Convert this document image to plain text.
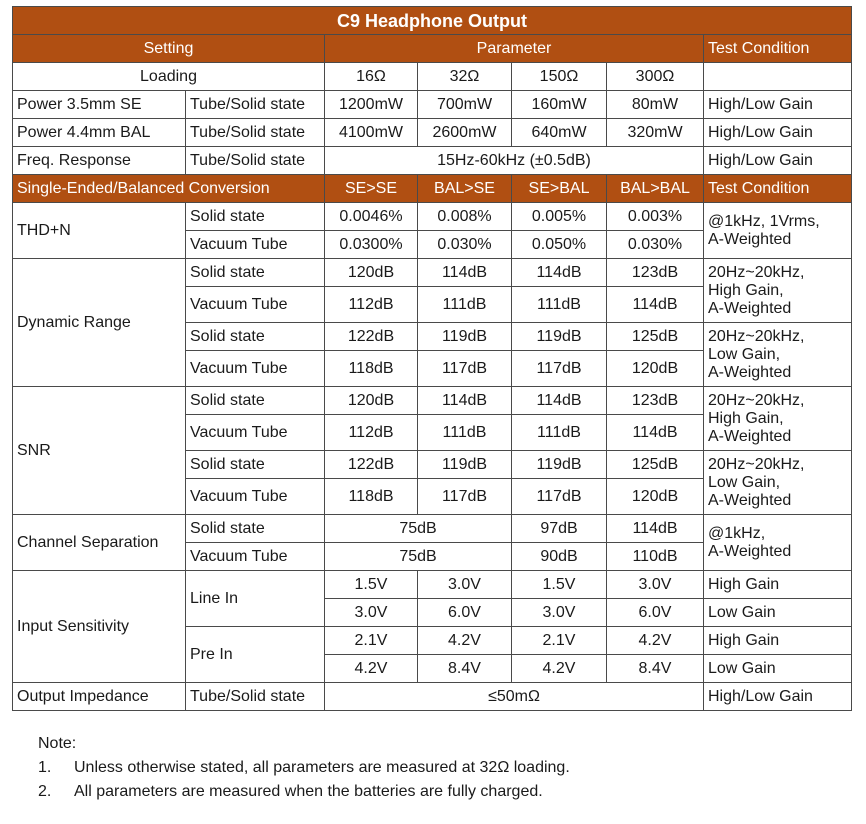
C9 Headphone Output						
Setting		Parameter				Test Condition
Loading		16Ω	32Ω	150Ω	300Ω	
Power 3.5mm SE	Tube/Solid state	1200mW	700mW	160mW	80mW	High/Low Gain
Power 4.4mm BAL	Tube/Solid state	4100mW	2600mW	640mW	320mW	High/Low Gain
Freq. Response	Tube/Solid state	15Hz-60kHz (±0.5dB)				High/Low Gain
Single-Ended/Balanced Conversion		SE>SE	BAL>SE	SE>BAL	BAL>BAL	Test Condition
THD+N	Solid state	0.0046%	0.008%	0.005%	0.003%	@1kHz, 1Vrms,
A-Weighted
	Vacuum Tube	0.0300%	0.030%	0.050%	0.030%	
Dynamic Range	Solid state	120dB	114dB	114dB	123dB	20Hz~20kHz,
High Gain,
A-Weighted
	Vacuum Tube	112dB	111dB	111dB	114dB	
	Solid state	122dB	119dB	119dB	125dB	20Hz~20kHz,
Low Gain,
A-Weighted
	Vacuum Tube	118dB	117dB	117dB	120dB	
SNR	Solid state	120dB	114dB	114dB	123dB	20Hz~20kHz,
High Gain,
A-Weighted
	Vacuum Tube	112dB	111dB	111dB	114dB	
	Solid state	122dB	119dB	119dB	125dB	20Hz~20kHz,
Low Gain,
A-Weighted
	Vacuum Tube	118dB	117dB	117dB	120dB	
Channel Separation	Solid state	75dB		97dB	114dB	@1kHz,
A-Weighted
	Vacuum Tube	75dB		90dB	110dB	
Input Sensitivity	Line In	1.5V	3.0V	1.5V	3.0V	High Gain
		3.0V	6.0V	3.0V	6.0V	Low Gain
	Pre In	2.1V	4.2V	2.1V	4.2V	High Gain
		4.2V	8.4V	4.2V	8.4V	Low Gain
Output Impedance	Tube/Solid state	≤50mΩ				High/Low Gain
Note:
1.	Unless otherwise stated, all parameters are measured at 32Ω loading.
2.	All parameters are measured when the batteries are fully charged.
